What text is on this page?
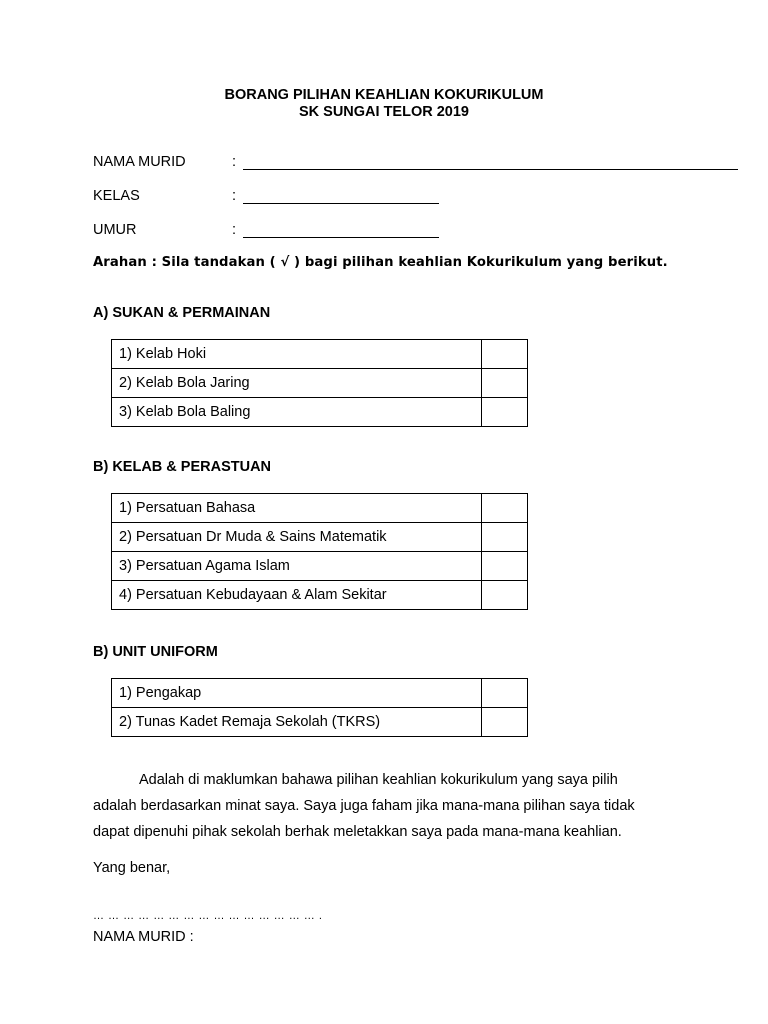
BORANG PILIHAN KEAHLIAN KOKURIKULUM
SK SUNGAI TELOR 2019
NAMA MURID	:
KELAS	:
UMUR	:
Arahan : Sila tandakan ( √ ) bagi pilihan keahlian Kokurikulum yang berikut.
A) SUKAN & PERMAINAN
1) Kelab Hoki	
2) Kelab Bola Jaring	
3) Kelab Bola Baling	
B) KELAB & PERASTUAN
1) Persatuan Bahasa	
2) Persatuan Dr Muda & Sains Matematik	
3) Persatuan Agama Islam	
4) Persatuan Kebudayaan & Alam Sekitar	
B) UNIT UNIFORM
1) Pengakap	
2) Tunas Kadet Remaja Sekolah (TKRS)	

Adalah di maklumkan bahawa pilihan keahlian kokurikulum yang saya pilih

adalah berdasarkan minat saya. Saya juga faham jika mana-mana pilihan saya tidak

dapat dipenuhi pihak sekolah berhak meletakkan saya pada mana-mana keahlian.

Yang benar,
… … … … … … … … … … … … … … … .
NAMA MURID :
